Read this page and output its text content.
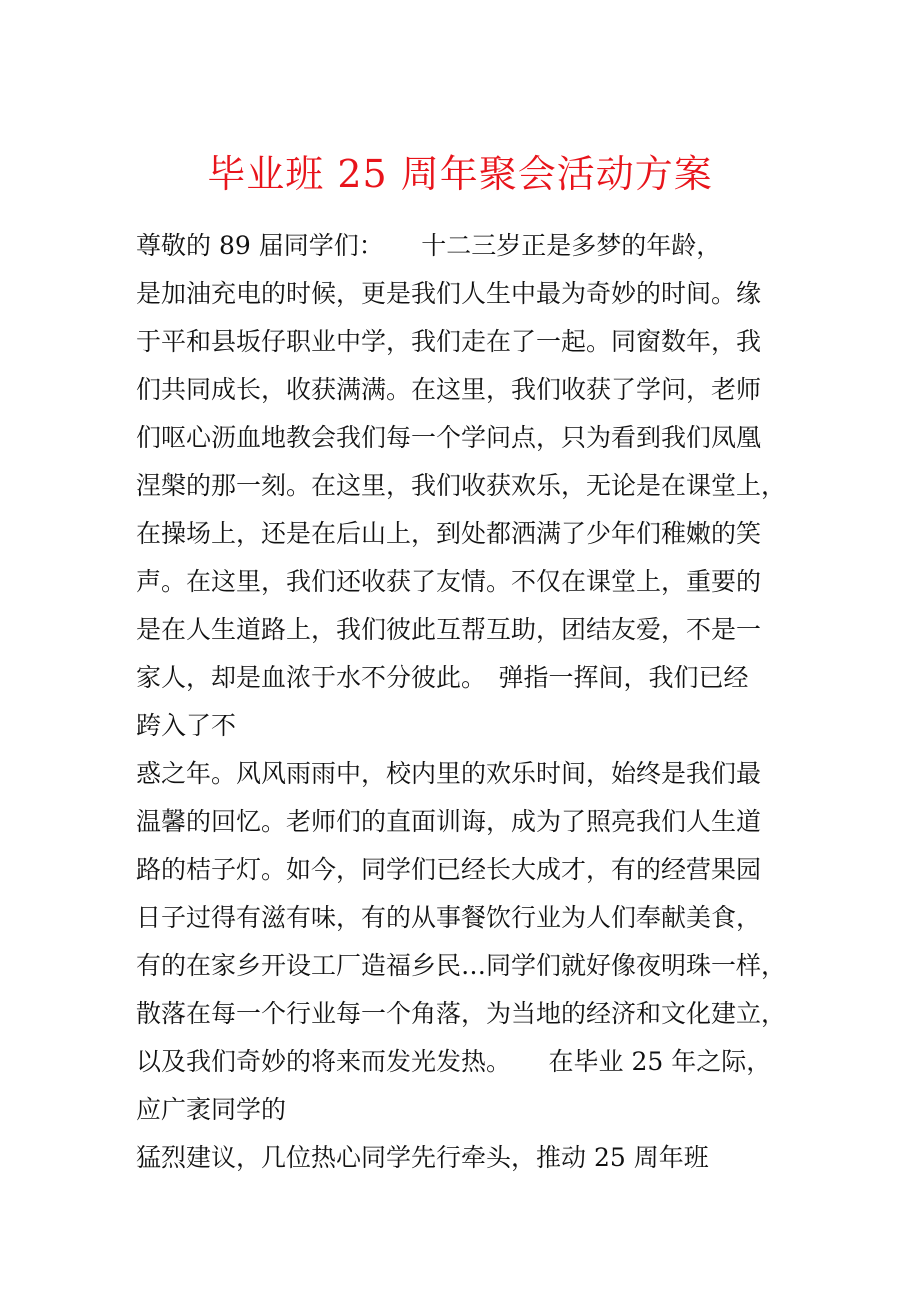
毕业班 25 周年聚会活动方案
尊敬的 89 届同学们：　　十二三岁正是多梦的年龄，
是加油充电的时候，更是我们人生中最为奇妙的时间。缘
于平和县坂仔职业中学，我们走在了一起。同窗数年，我
们共同成长，收获满满。在这里，我们收获了学问，老师
们呕心沥血地教会我们每一个学问点，只为看到我们凤凰
涅槃的那一刻。在这里，我们收获欢乐，无论是在课堂上，
在操场上，还是在后山上，到处都洒满了少年们稚嫩的笑
声。在这里，我们还收获了友情。不仅在课堂上，重要的
是在人生道路上，我们彼此互帮互助，团结友爱，不是一
家人，却是血浓于水不分彼此。　弹指一挥间，我们已经
跨入了不
惑之年。风风雨雨中，校内里的欢乐时间，始终是我们最
温馨的回忆。老师们的直面训诲，成为了照亮我们人生道
路的桔子灯。如今，同学们已经长大成才，有的经营果园
日子过得有滋有味，有的从事餐饮行业为人们奉献美食，
有的在家乡开设工厂造福乡民…同学们就好像夜明珠一样，
散落在每一个行业每一个角落，为当地的经济和文化建立，
以及我们奇妙的将来而发光发热。　　在毕业 25 年之际，
应广袤同学的
猛烈建议，几位热心同学先行牵头，推动 25 周年班
